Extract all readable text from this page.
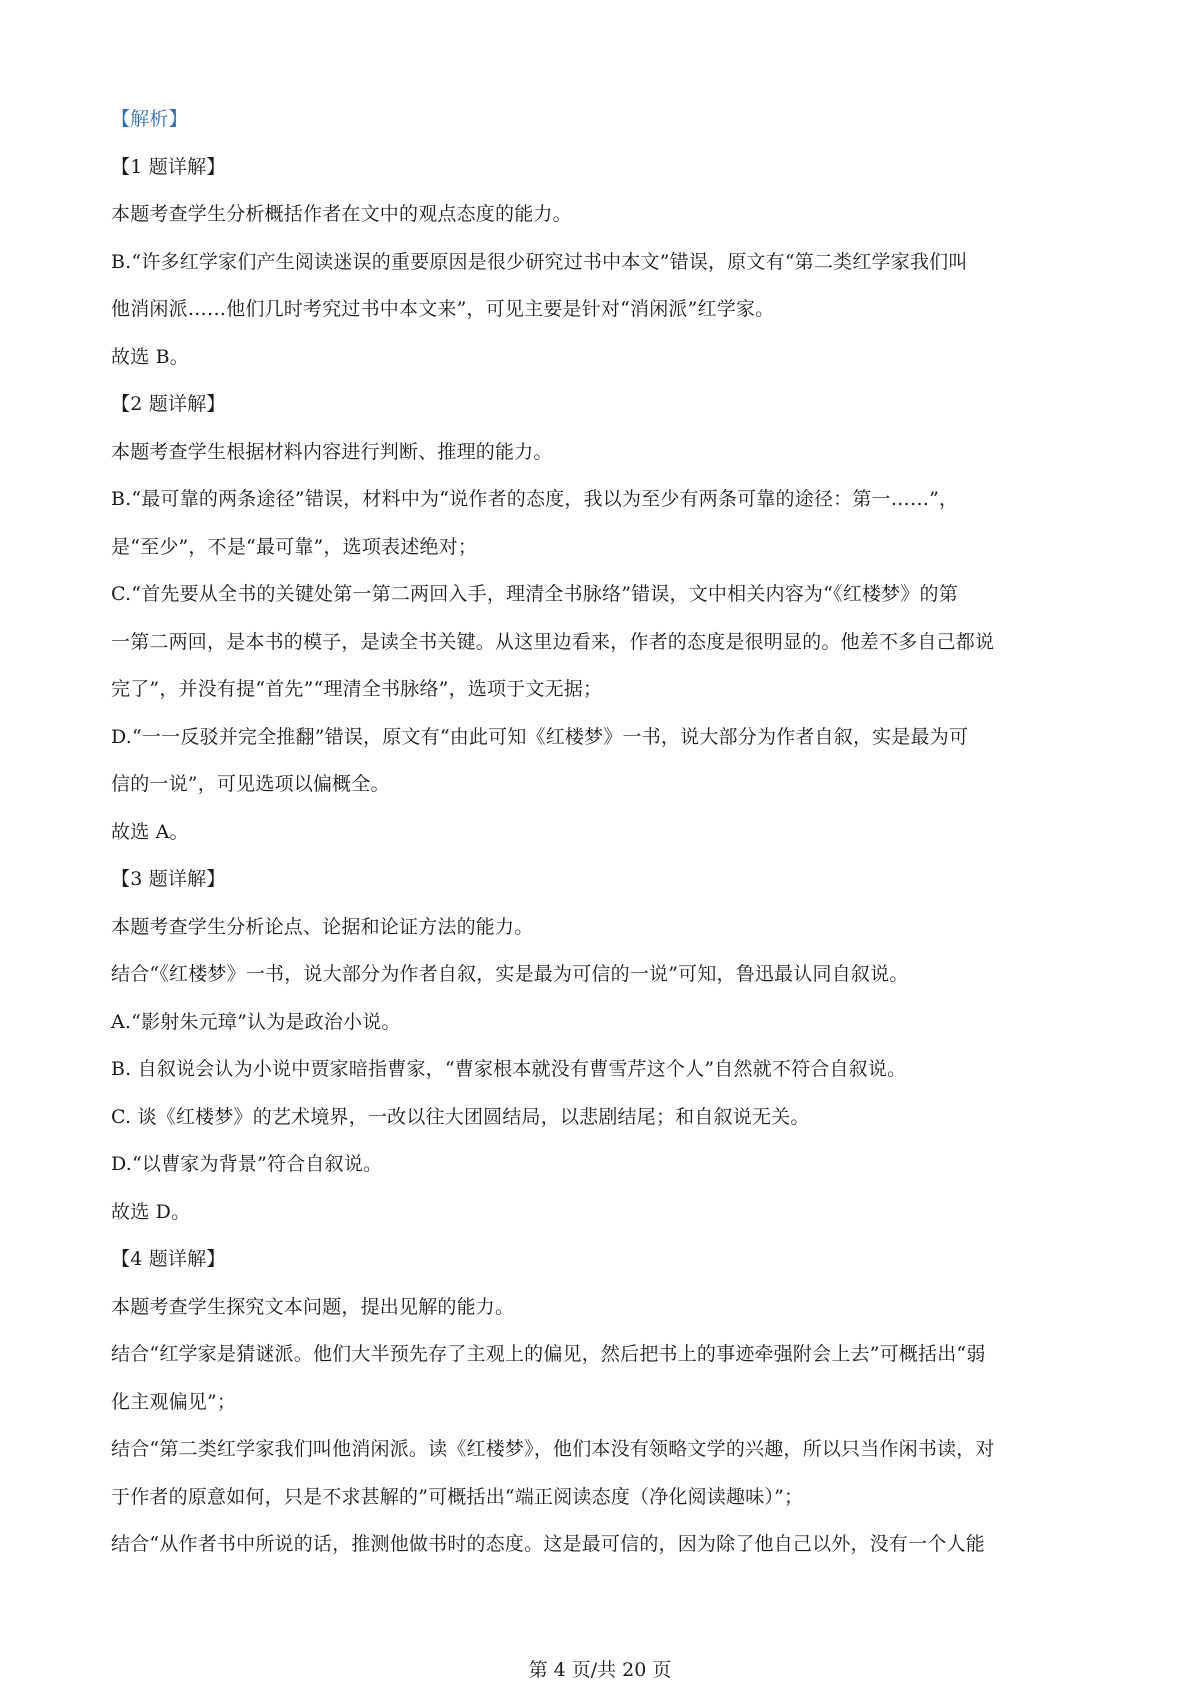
【解析】
【1 题详解】
本题考查学生分析概括作者在文中的观点态度的能力。
B.“许多红学家们产生阅读迷误的重要原因是很少研究过书中本文”错误，原文有“第二类红学家我们叫
他消闲派……他们几时考究过书中本文来”，可见主要是针对“消闲派”红学家。
故选 B。
【2 题详解】
本题考查学生根据材料内容进行判断、推理的能力。
B.“最可靠的两条途径”错误，材料中为“说作者的态度，我以为至少有两条可靠的途径：第一……”，
是“至少”，不是“最可靠”，选项表述绝对；
C.“首先要从全书的关键处第一第二两回入手，理清全书脉络”错误，文中相关内容为“《红楼梦》的第
一第二两回，是本书的模子，是读全书关键。从这里边看来，作者的态度是很明显的。他差不多自己都说
完了”，并没有提“首先”“理清全书脉络”，选项于文无据；
D.“一一反驳并完全推翻”错误，原文有“由此可知《红楼梦》一书，说大部分为作者自叙，实是最为可
信的一说”，可见选项以偏概全。
故选 A。
【3 题详解】
本题考查学生分析论点、论据和论证方法的能力。
结合“《红楼梦》一书，说大部分为作者自叙，实是最为可信的一说”可知，鲁迅最认同自叙说。
A.“影射朱元璋”认为是政治小说。
B. 自叙说会认为小说中贾家暗指曹家，“曹家根本就没有曹雪芹这个人”自然就不符合自叙说。
C. 谈《红楼梦》的艺术境界，一改以往大团圆结局，以悲剧结尾；和自叙说无关。
D.“以曹家为背景”符合自叙说。
故选 D。
【4 题详解】
本题考查学生探究文本问题，提出见解的能力。
结合“红学家是猜谜派。他们大半预先存了主观上的偏见，然后把书上的事迹牵强附会上去”可概括出“弱
化主观偏见”；
结合“第二类红学家我们叫他消闲派。读《红楼梦》，他们本没有领略文学的兴趣，所以只当作闲书读，对
于作者的原意如何，只是不求甚解的”可概括出“端正阅读态度（净化阅读趣味）”；
结合“从作者书中所说的话，推测他做书时的态度。这是最可信的，因为除了他自己以外，没有一个人能
第 4 页/共 20 页
